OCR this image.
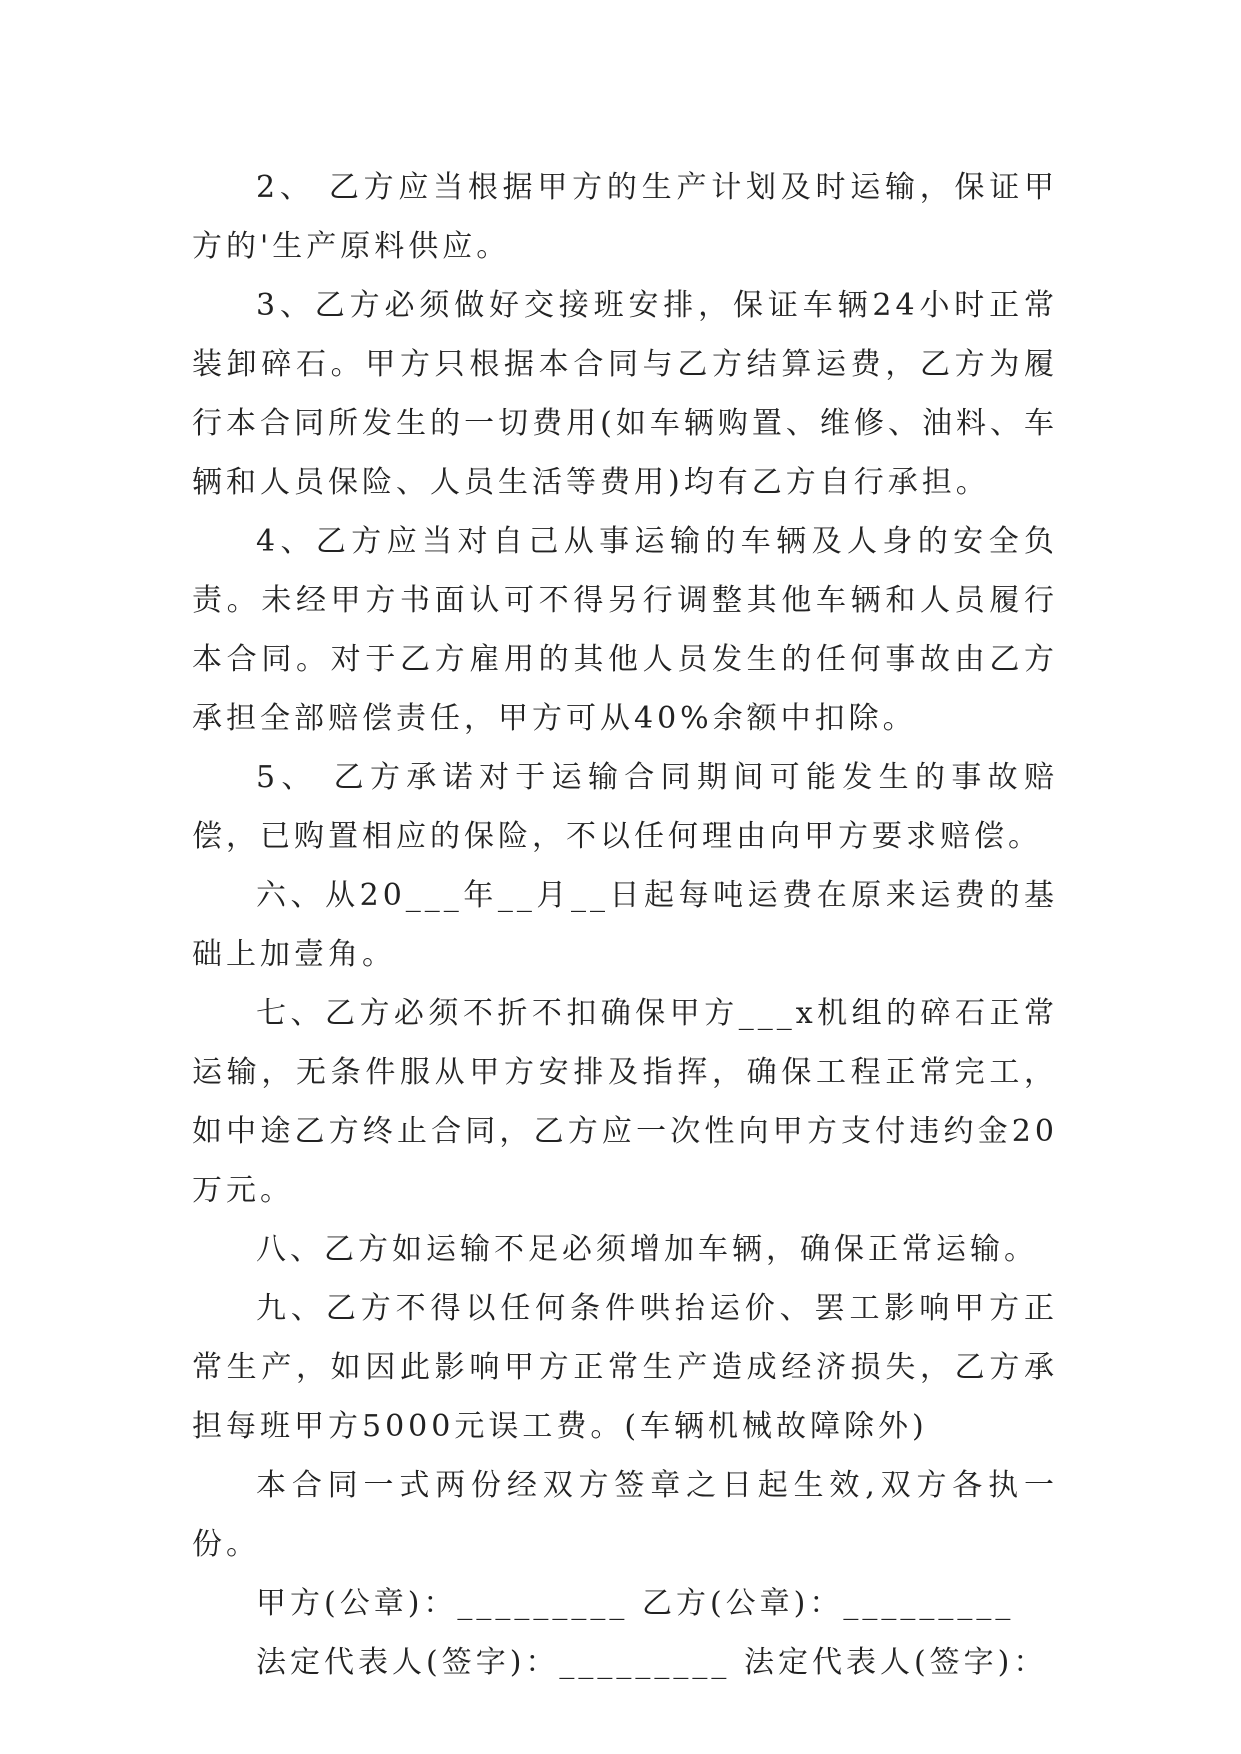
2、 乙方应当根据甲方的生产计划及时运输，保证甲方的'生产原料供应。

3、乙方必须做好交接班安排，保证车辆24小时正常装卸碎石。甲方只根据本合同与乙方结算运费，乙方为履行本合同所发生的一切费用(如车辆购置、维修、油料、车辆和人员保险、人员生活等费用)均有乙方自行承担。

4、乙方应当对自己从事运输的车辆及人身的安全负责。未经甲方书面认可不得另行调整其他车辆和人员履行本合同。对于乙方雇用的其他人员发生的任何事故由乙方承担全部赔偿责任，甲方可从40%余额中扣除。

5、 乙方承诺对于运输合同期间可能发生的事故赔偿，已购置相应的保险，不以任何理由向甲方要求赔偿。

六、从20___年__月__日起每吨运费在原来运费的基础上加壹角。

七、乙方必须不折不扣确保甲方___x机组的碎石正常运输，无条件服从甲方安排及指挥，确保工程正常完工，如中途乙方终止合同，乙方应一次性向甲方支付违约金20万元。

八、乙方如运输不足必须增加车辆，确保正常运输。

九、乙方不得以任何条件哄抬运价、罢工影响甲方正常生产，如因此影响甲方正常生产造成经济损失，乙方承担每班甲方5000元误工费。(车辆机械故障除外)

本合同一式两份经双方签章之日起生效,双方各执一份。

甲方(公章)：_________ 乙方(公章)：_________

法定代表人(签字)：_________ 法定代表人(签字)：
